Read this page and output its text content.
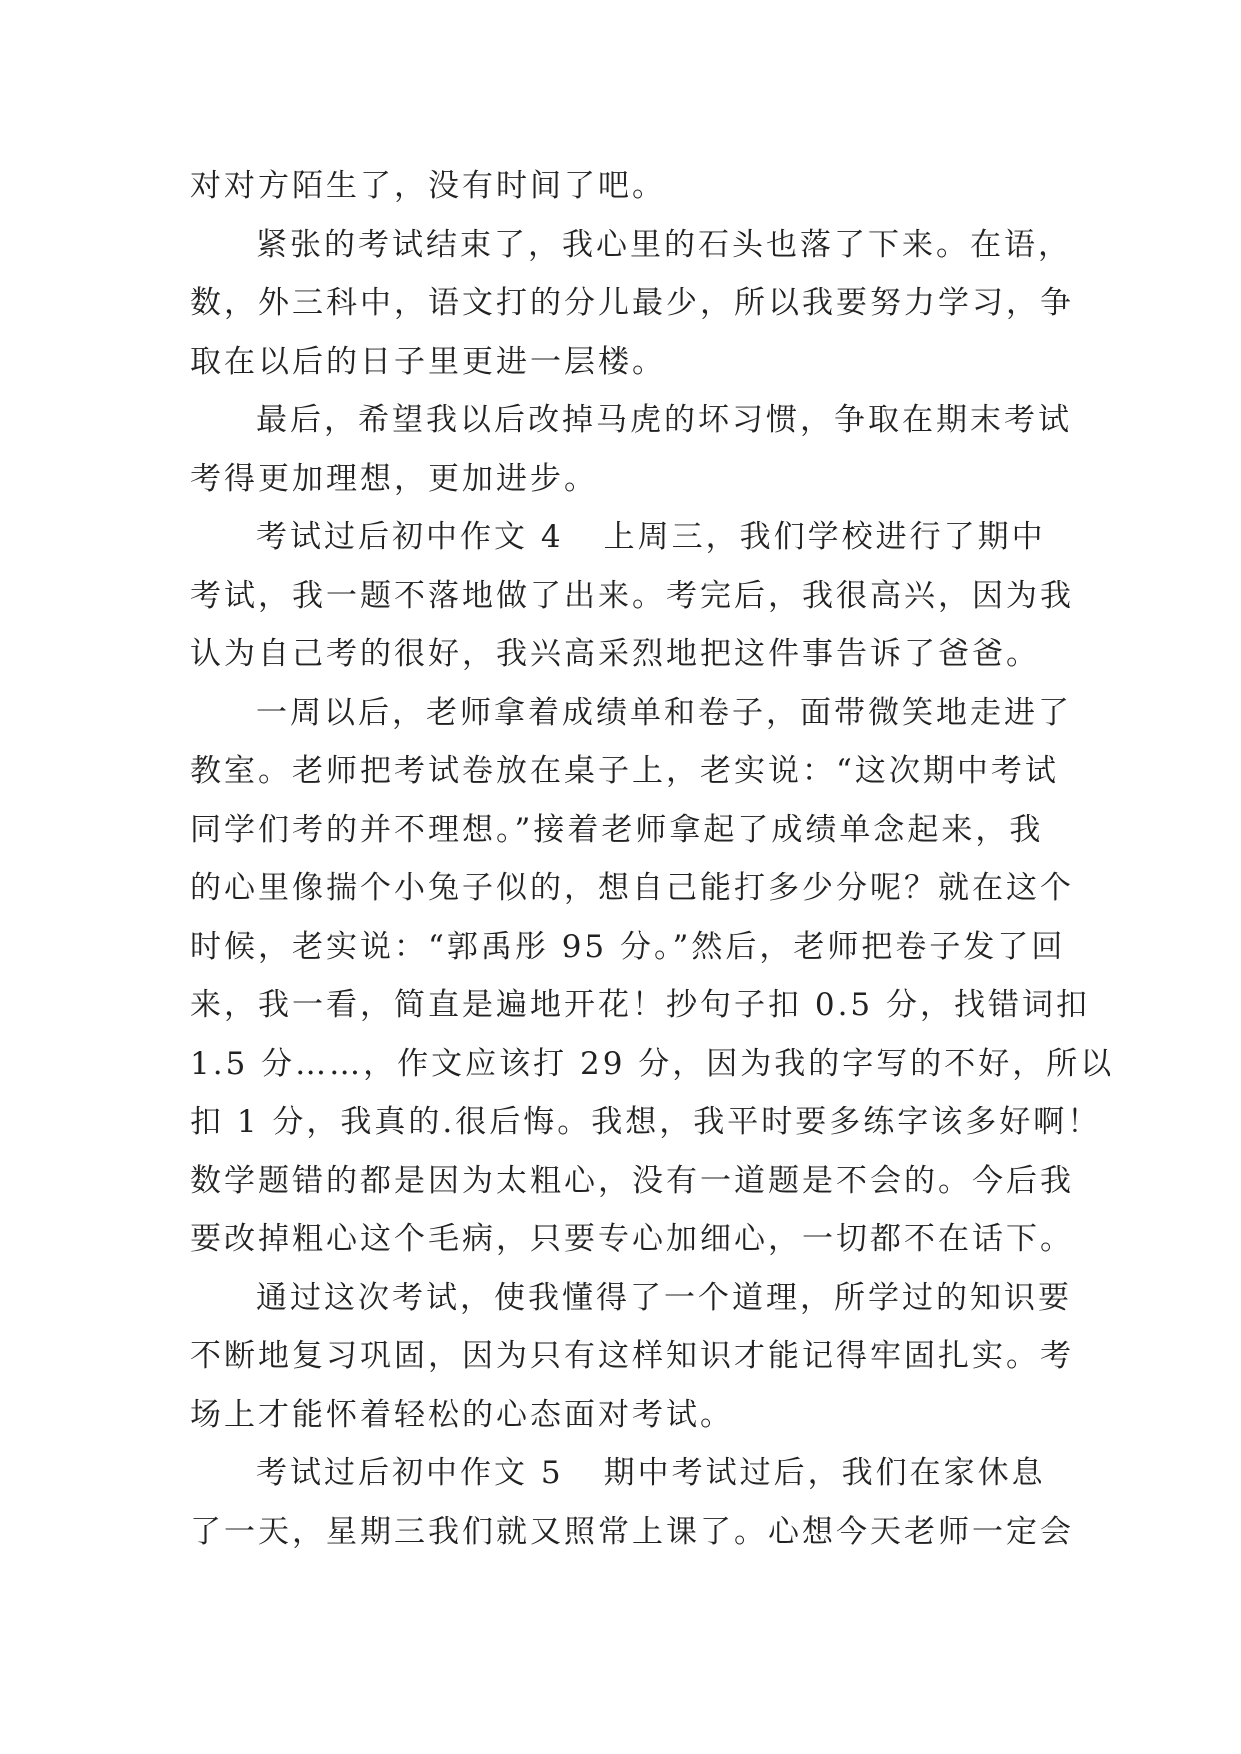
对对方陌生了，没有时间了吧。
紧张的考试结束了，我心里的石头也落了下来。在语，
数，外三科中，语文打的分儿最少，所以我要努力学习，争
取在以后的日子里更进一层楼。
最后，希望我以后改掉马虎的坏习惯，争取在期末考试
考得更加理想，更加进步。
考试过后初中作文 4 上周三，我们学校进行了期中
考试，我一题不落地做了出来。考完后，我很高兴，因为我
认为自己考的很好，我兴高采烈地把这件事告诉了爸爸。
一周以后，老师拿着成绩单和卷子，面带微笑地走进了
教室。老师把考试卷放在桌子上，老实说：“这次期中考试
同学们考的并不理想。”接着老师拿起了成绩单念起来，我
的心里像揣个小兔子似的，想自己能打多少分呢？就在这个
时候，老实说：“郭禹彤 95 分。”然后，老师把卷子发了回
来，我一看，简直是遍地开花！抄句子扣 0.5 分，找错词扣
1.5 分……，作文应该打 29 分，因为我的字写的不好，所以
扣 1 分，我真的.很后悔。我想，我平时要多练字该多好啊！
数学题错的都是因为太粗心，没有一道题是不会的。今后我
要改掉粗心这个毛病，只要专心加细心，一切都不在话下。
通过这次考试，使我懂得了一个道理，所学过的知识要
不断地复习巩固，因为只有这样知识才能记得牢固扎实。考
场上才能怀着轻松的心态面对考试。
考试过后初中作文 5 期中考试过后，我们在家休息
了一天，星期三我们就又照常上课了。心想今天老师一定会
